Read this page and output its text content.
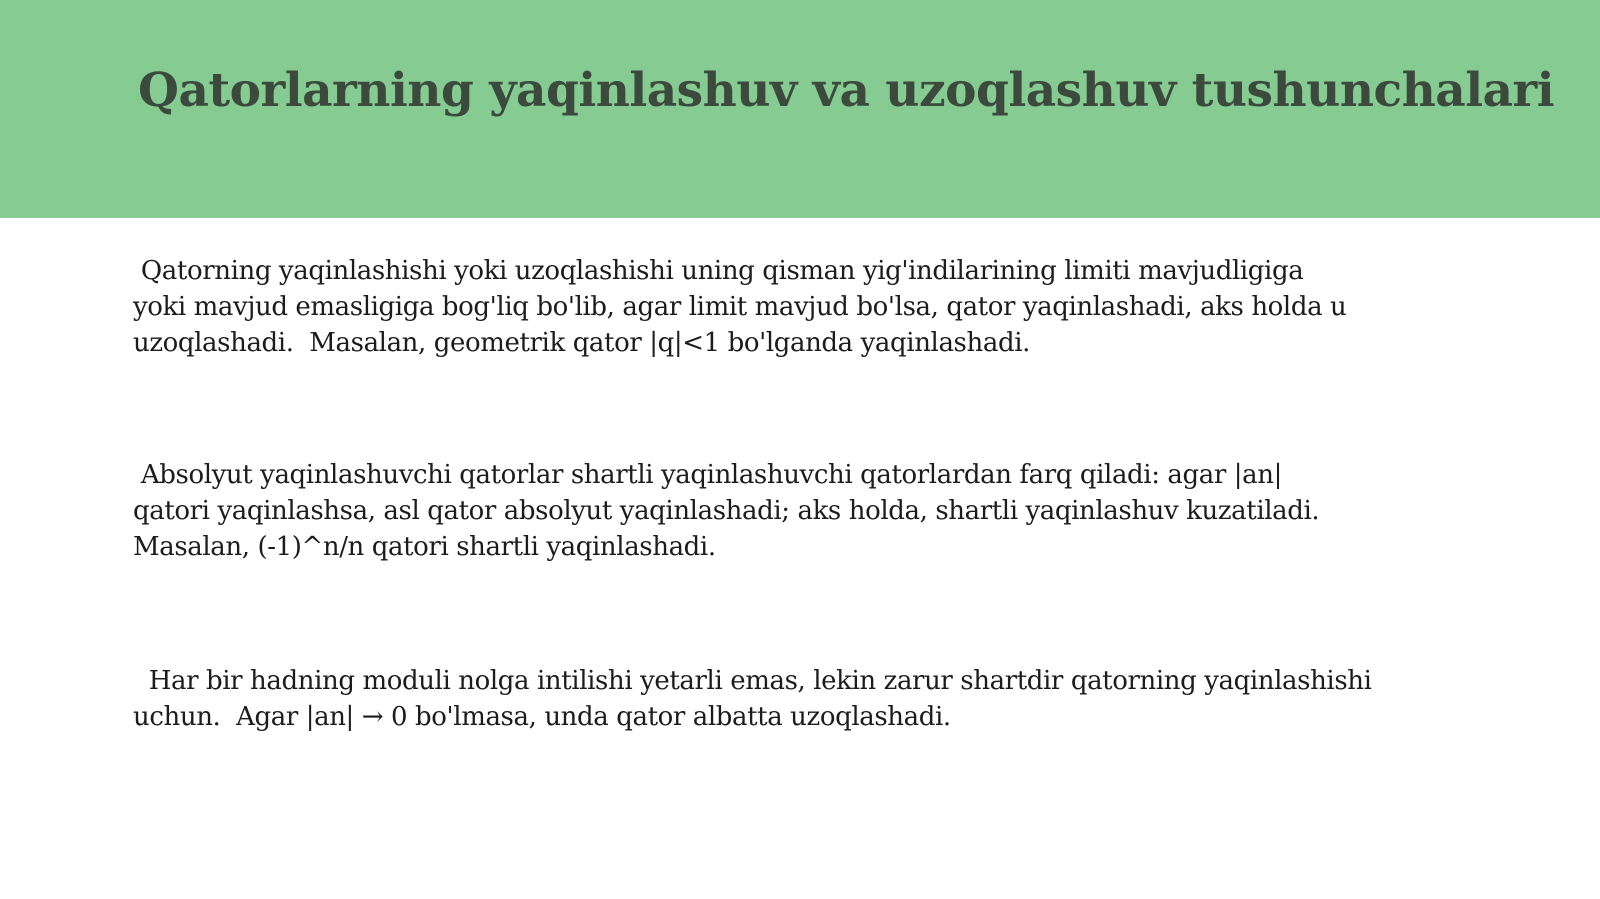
Qatorlarning yaqinlashuv va uzoqlashuv tushunchalari

Qatorning yaqinlashishi yoki uzoqlashishi uning qisman yig'indilarining limiti mavjudligiga
yoki mavjud emasligiga bog'liq bo'lib, agar limit mavjud bo'lsa, qator yaqinlashadi, aks holda u
uzoqlashadi.  Masalan, geometrik qator |q|<1 bo'lganda yaqinlashadi.

Absolyut yaqinlashuvchi qatorlar shartli yaqinlashuvchi qatorlardan farq qiladi: agar |an|
qatori yaqinlashsa, asl qator absolyut yaqinlashadi; aks holda, shartli yaqinlashuv kuzatiladi.
Masalan, (-1)^n/n qatori shartli yaqinlashadi.

Har bir hadning moduli nolga intilishi yetarli emas, lekin zarur shartdir qatorning yaqinlashishi
uchun.  Agar |an| → 0 bo'lmasa, unda qator albatta uzoqlashadi.
